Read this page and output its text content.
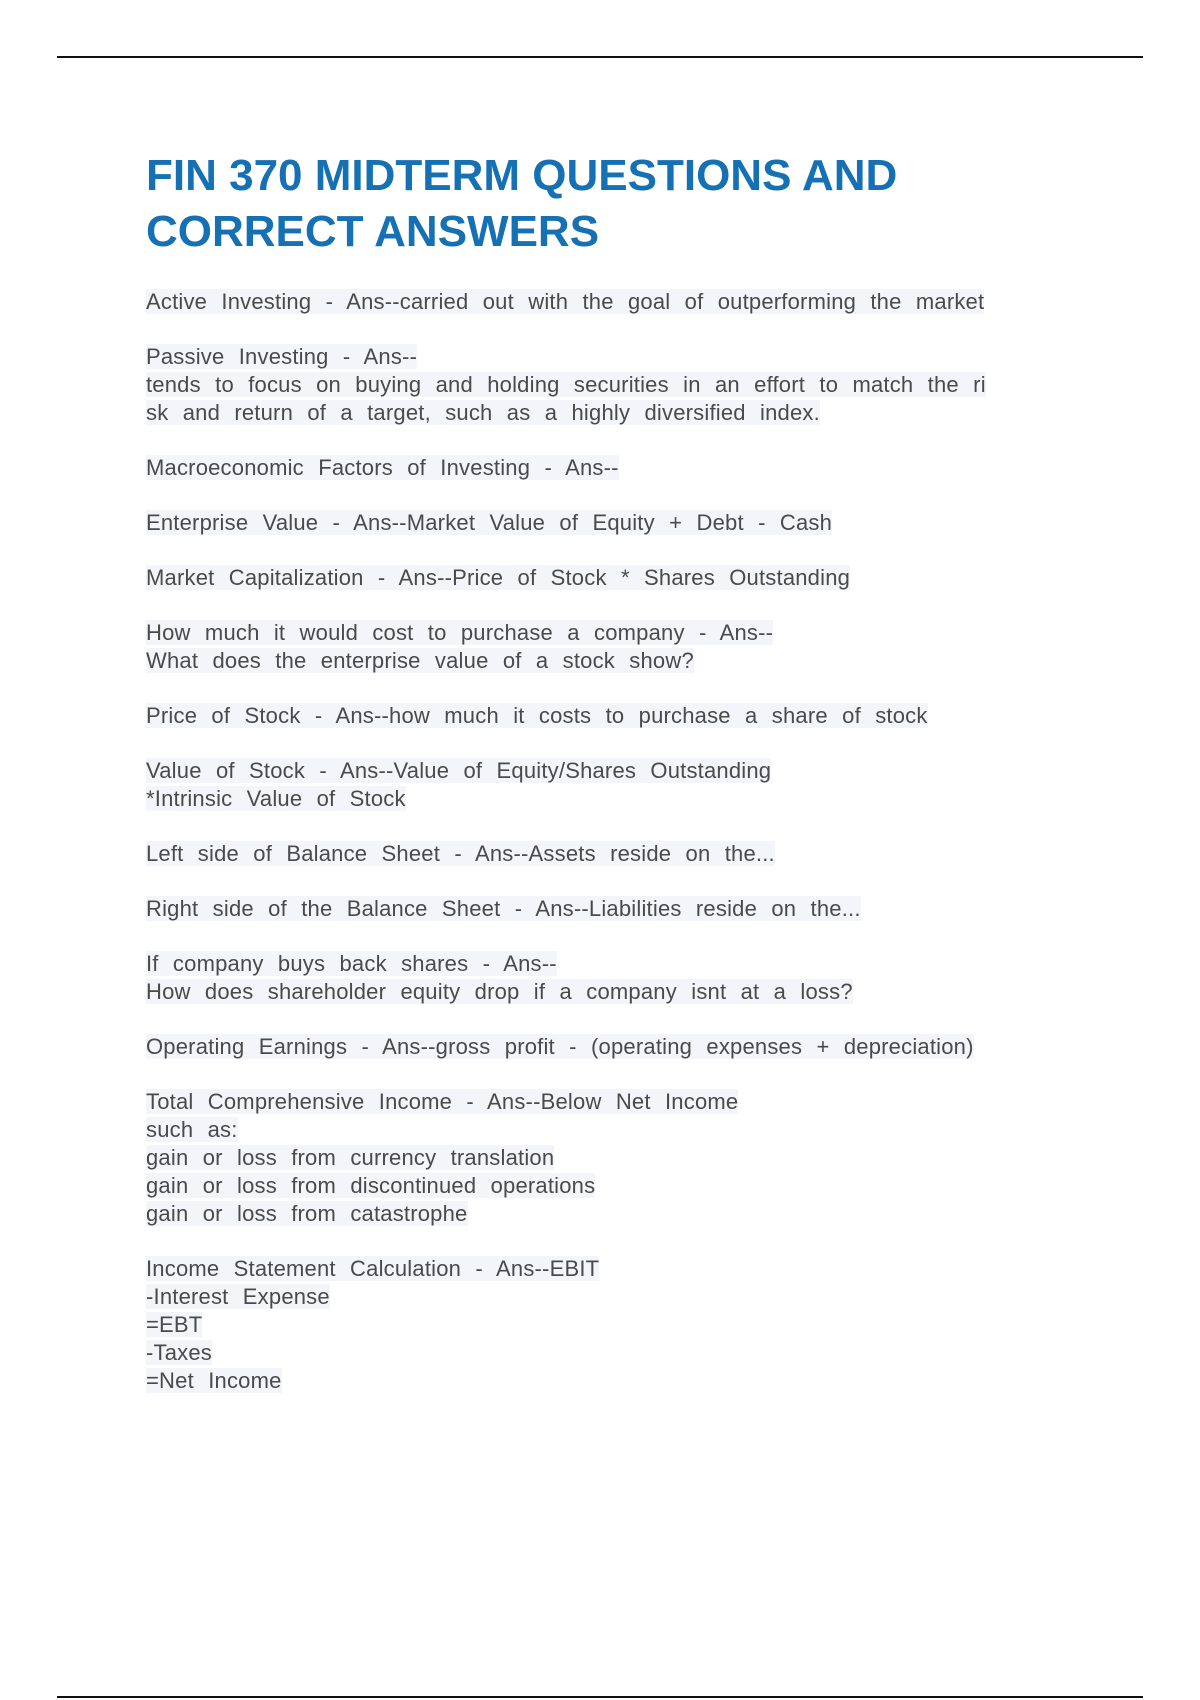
FIN 370 MIDTERM QUESTIONS AND
CORRECT ANSWERS
Active Investing - Ans--carried out with the goal of outperforming the market
Passive Investing - Ans--
tends to focus on buying and holding securities in an effort to match the ri
sk and return of a target, such as a highly diversified index.
Macroeconomic Factors of Investing - Ans--
Enterprise Value - Ans--Market Value of Equity + Debt - Cash
Market Capitalization - Ans--Price of Stock * Shares Outstanding
How much it would cost to purchase a company - Ans--
What does the enterprise value of a stock show?
Price of Stock - Ans--how much it costs to purchase a share of stock
Value of Stock - Ans--Value of Equity/Shares Outstanding
*Intrinsic Value of Stock
Left side of Balance Sheet - Ans--Assets reside on the...
Right side of the Balance Sheet - Ans--Liabilities reside on the...
If company buys back shares - Ans--
How does shareholder equity drop if a company isnt at a loss?
Operating Earnings - Ans--gross profit - (operating expenses + depreciation)
Total Comprehensive Income - Ans--Below Net Income
such as:
gain or loss from currency translation
gain or loss from discontinued operations
gain or loss from catastrophe
Income Statement Calculation - Ans--EBIT
-Interest Expense
=EBT
-Taxes
=Net Income
